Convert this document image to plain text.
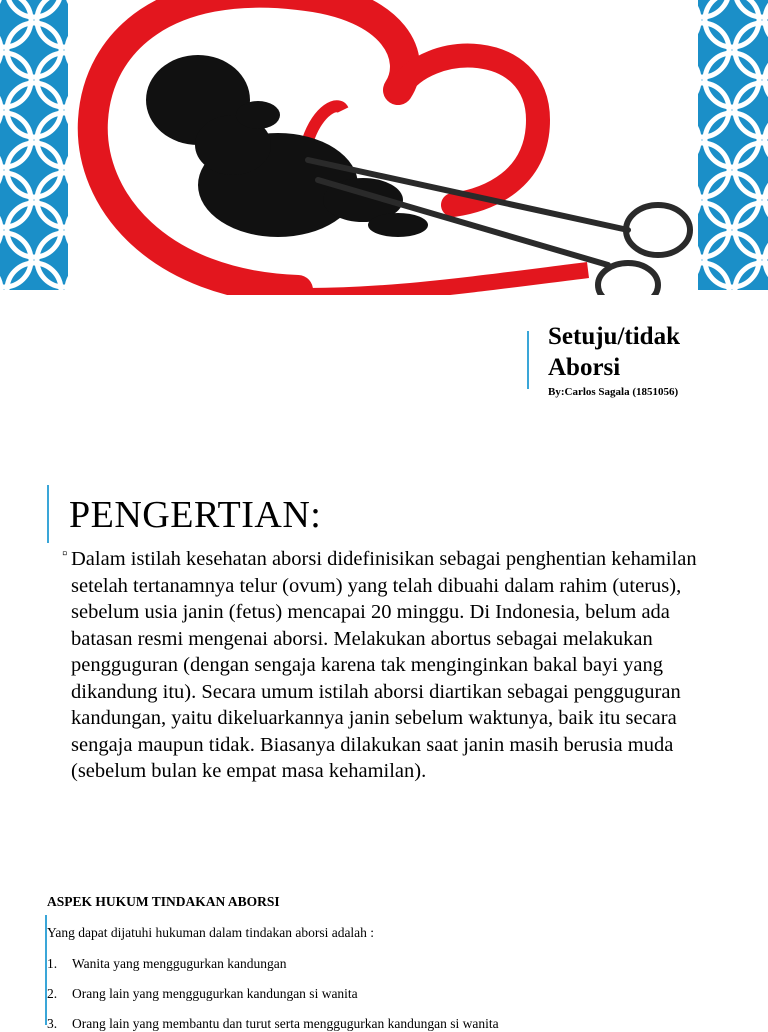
Setuju/tidak
Aborsi
By:Carlos Sagala (1851056)
PENGERTIAN:
▫ Dalam istilah kesehatan aborsi didefinisikan sebagai penghentian kehamilan setelah tertanamnya telur (ovum) yang telah dibuahi dalam rahim (uterus), sebelum usia janin (fetus) mencapai 20 minggu. Di Indonesia, belum ada batasan resmi mengenai aborsi. Melakukan abortus sebagai melakukan pengguguran (dengan sengaja karena tak menginginkan bakal bayi yang dikandung itu). Secara umum istilah aborsi diartikan sebagai pengguguran kandungan, yaitu dikeluarkannya janin sebelum waktunya, baik itu secara sengaja maupun tidak. Biasanya dilakukan saat janin masih berusia muda (sebelum bulan ke empat masa kehamilan).
ASPEK HUKUM TINDAKAN ABORSI
Yang dapat dijatuhi hukuman dalam tindakan aborsi adalah :
1. Wanita yang menggugurkan kandungan
2. Orang lain yang menggugurkan kandungan si wanita
3. Orang lain yang membantu dan turut serta menggugurkan kandungan si wanita
